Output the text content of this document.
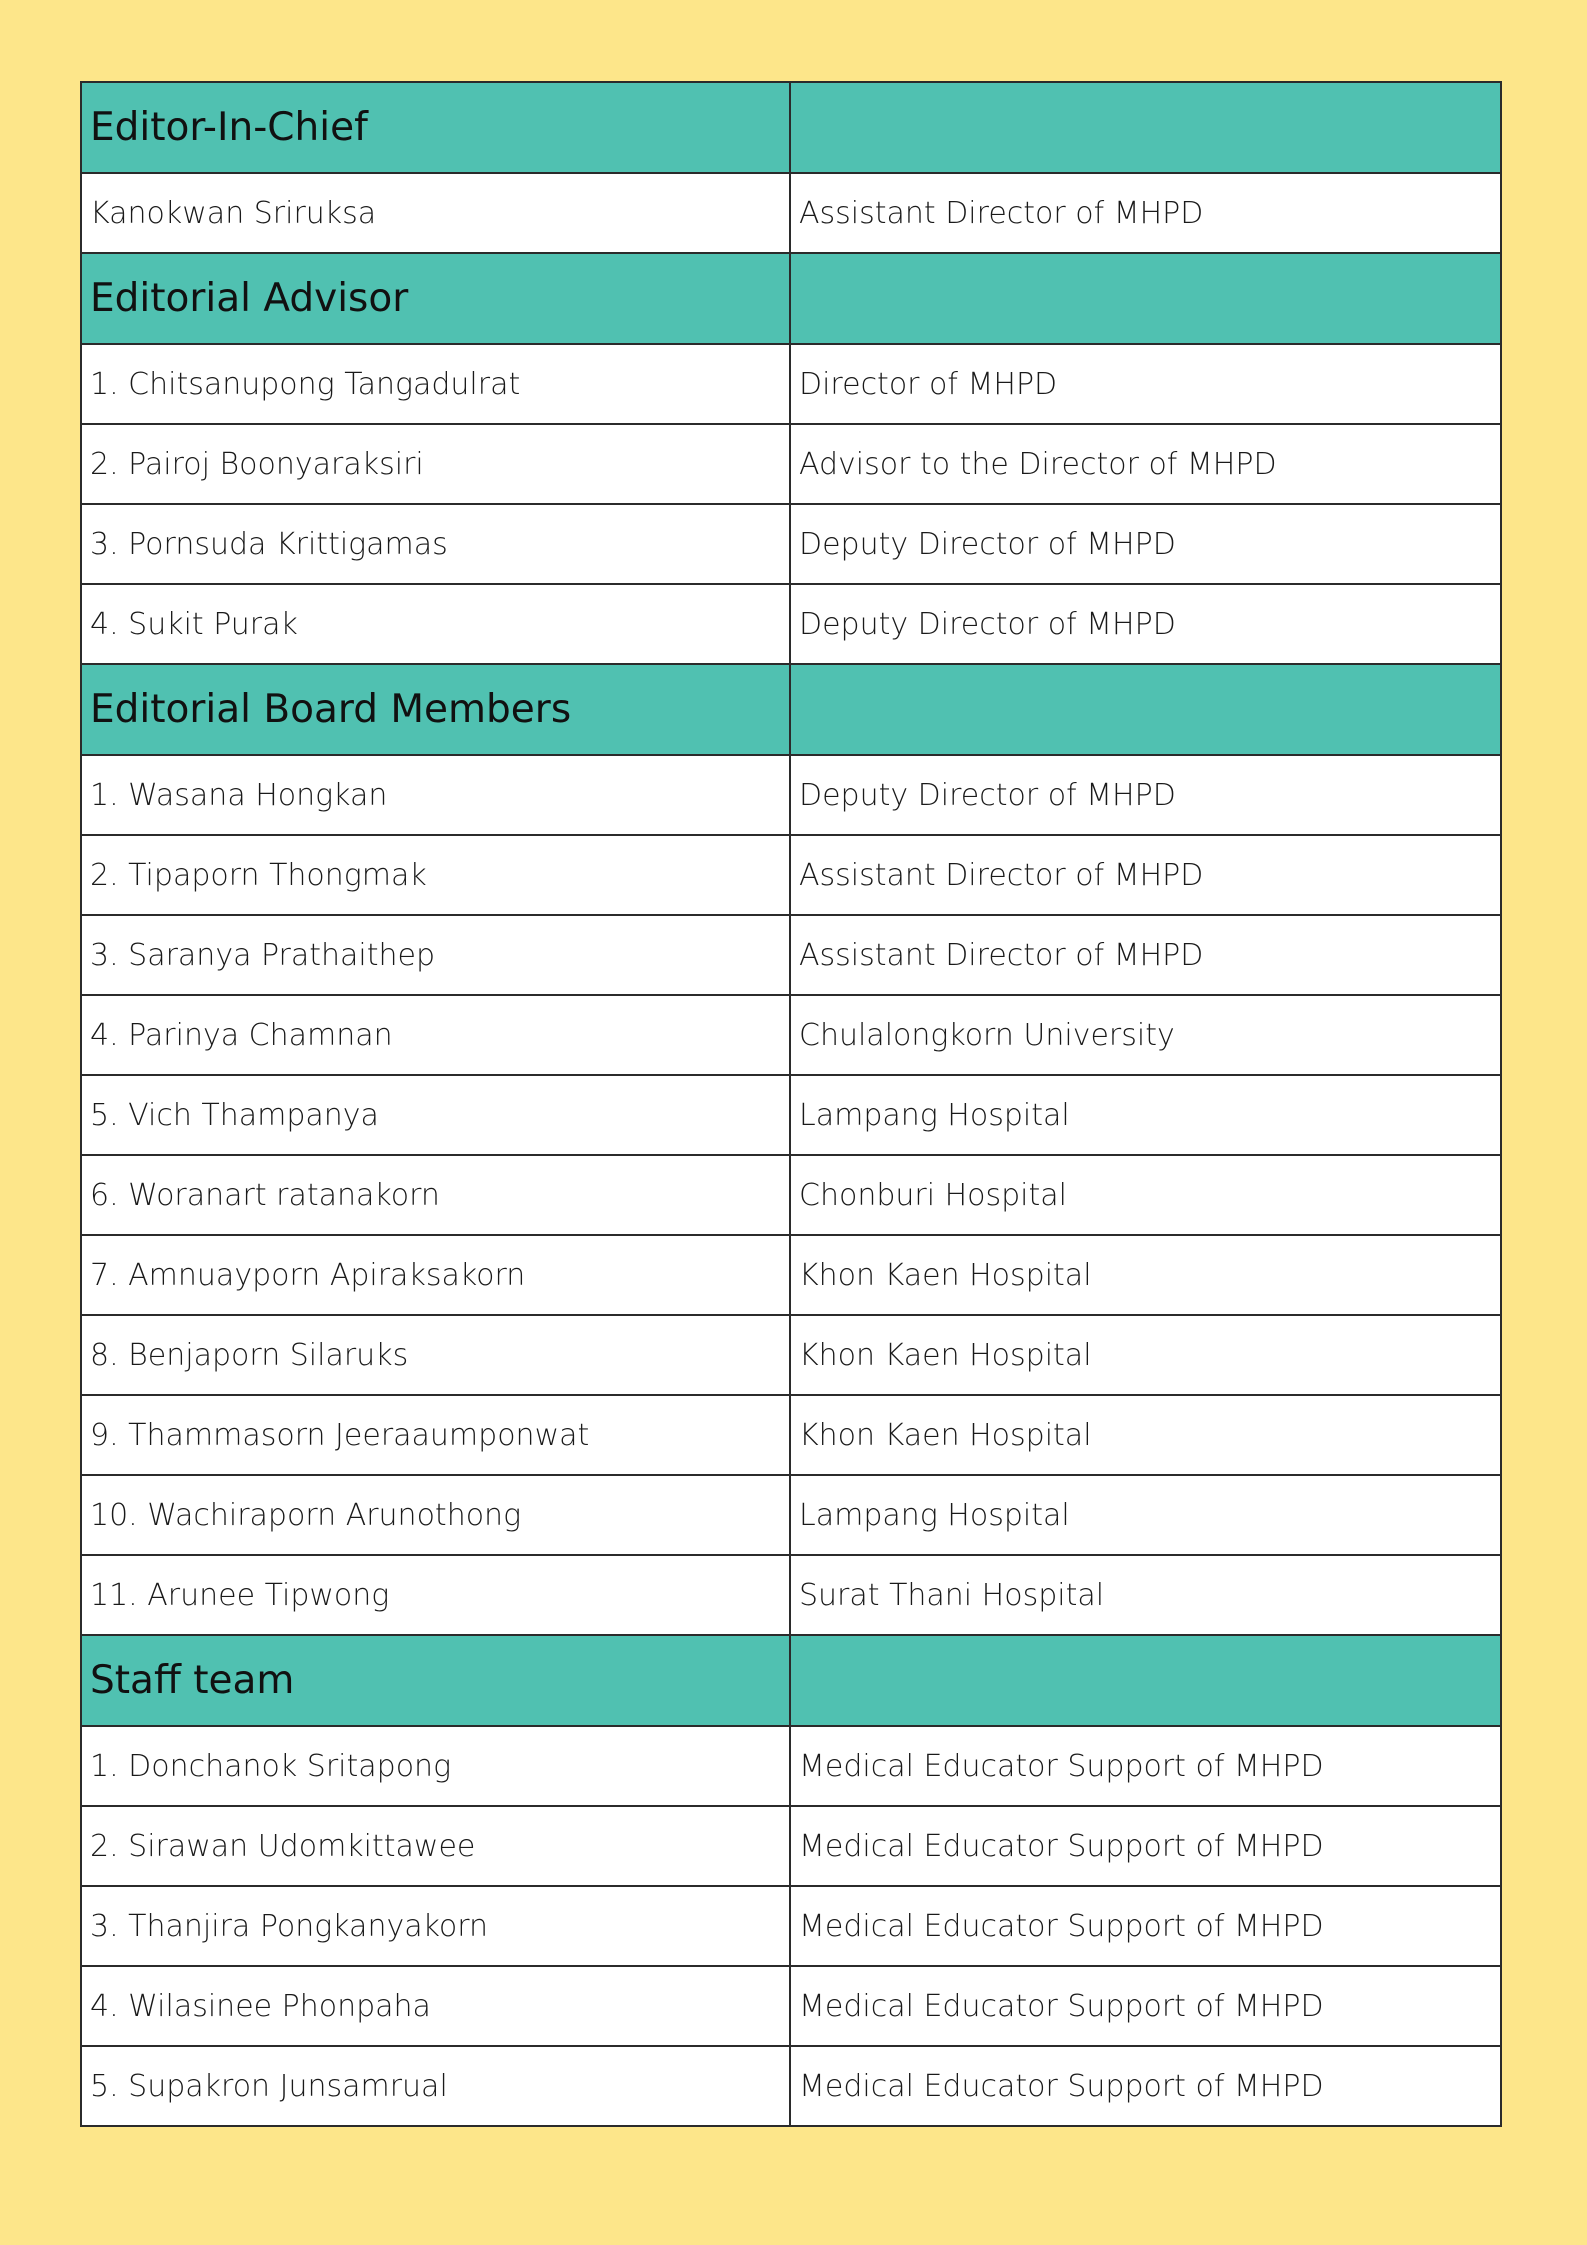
Editor-In-Chief	
Kanokwan Sriruksa	Assistant Director of MHPD
Editorial Advisor	
1. Chitsanupong Tangadulrat	Director of MHPD
2. Pairoj Boonyaraksiri	Advisor to the Director of MHPD
3. Pornsuda Krittigamas	Deputy Director of MHPD
4. Sukit Purak	Deputy Director of MHPD
Editorial Board Members	
1. Wasana Hongkan	Deputy Director of MHPD
2. Tipaporn Thongmak	Assistant Director of MHPD
3. Saranya Prathaithep	Assistant Director of MHPD
4. Parinya Chamnan	Chulalongkorn University
5. Vich Thampanya	Lampang Hospital
6. Woranart ratanakorn	Chonburi Hospital
7. Amnuayporn Apiraksakorn	Khon Kaen Hospital
8. Benjaporn Silaruks	Khon Kaen Hospital
9. Thammasorn Jeeraaumponwat	Khon Kaen Hospital
10. Wachiraporn Arunothong	Lampang Hospital
11. Arunee Tipwong	Surat Thani Hospital
Staff team	
1. Donchanok Sritapong	Medical Educator Support of MHPD
2. Sirawan Udomkittawee	Medical Educator Support of MHPD
3. Thanjira Pongkanyakorn	Medical Educator Support of MHPD
4. Wilasinee Phonpaha	Medical Educator Support of MHPD
5. Supakron Junsamrual	Medical Educator Support of MHPD
